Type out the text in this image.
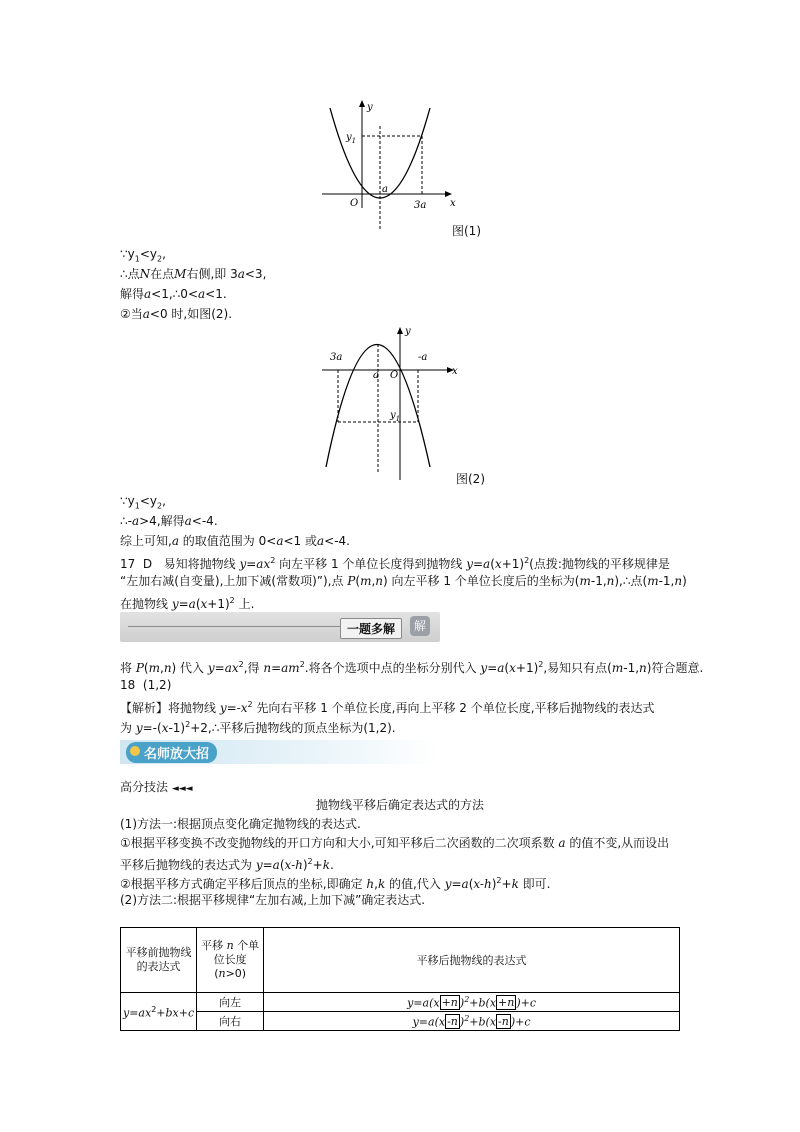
y
x
$y_1$
a
O	3a
图(1)
$\because y_1<y_2$,
∴点N在点M右侧,即 3a<3,
解得a<1,∴0<a<1.
②当a<0 时,如图(2).
y
x
3a
a O
-a
$y_1$
图(2)
$\because y_1<y_2$,
∴-a>4,解得a<-4.
综上可知,a 的取值范围为 0<a<1 或a<-4.
17 D 易知将抛物线 $y=ax^2$ 向左平移 1 个单位长度得到抛物线 $y=a(x+1)^2$(点拨:抛物线的平移规律是
“左加右减(自变量),上加下减(常数项)”),点 P(m,n) 向左平移 1 个单位长度后的坐标为(m-1,n),∴点(m-1,n)
在抛物线 $y=a(x+1)^2$ 上.
一题多解	解
将 P(m,n) 代入 $y=ax^2$,得 $n=am^2$.将各个选项中点的坐标分别代入 $y=a(x+1)^2$,易知只有点(m-1,n)符合题意.
18 (1,2)
【解析】将抛物线 $y=-x^2$ 先向右平移 1 个单位长度,再向上平移 2 个单位长度,平移后抛物线的表达式
为 $y=-(x-1)^2+2,\therefore$平移后抛物线的顶点坐标为(1,2).
名师放大招
高分技法 ◄◄◄
抛物线平移后确定表达式的方法
(1)方法一:根据顶点变化确定抛物线的表达式.
①根据平移变换不改变抛物线的开口方向和大小,可知平移后二次函数的二次项系数 a 的值不变,从而设出
平移后抛物线的表达式为 $y=a(x-h)^2+k$.
②根据平移方式确定平移后顶点的坐标,即确定 h,k 的值,代入 $y=a(x-h)^2+k$ 即可.
(2)方法二:根据平移规律“左加右减,上加下减”确定表达式.
平移前抛物线的表达式	平移 n 个单位长度(n>0)	平移后抛物线的表达式
$y=ax^2+bx+c$	向左	y=a(x +n )$^2$+b(x +n )+c
	向右	y=a(x -n )$^2$+b(x -n )+c
